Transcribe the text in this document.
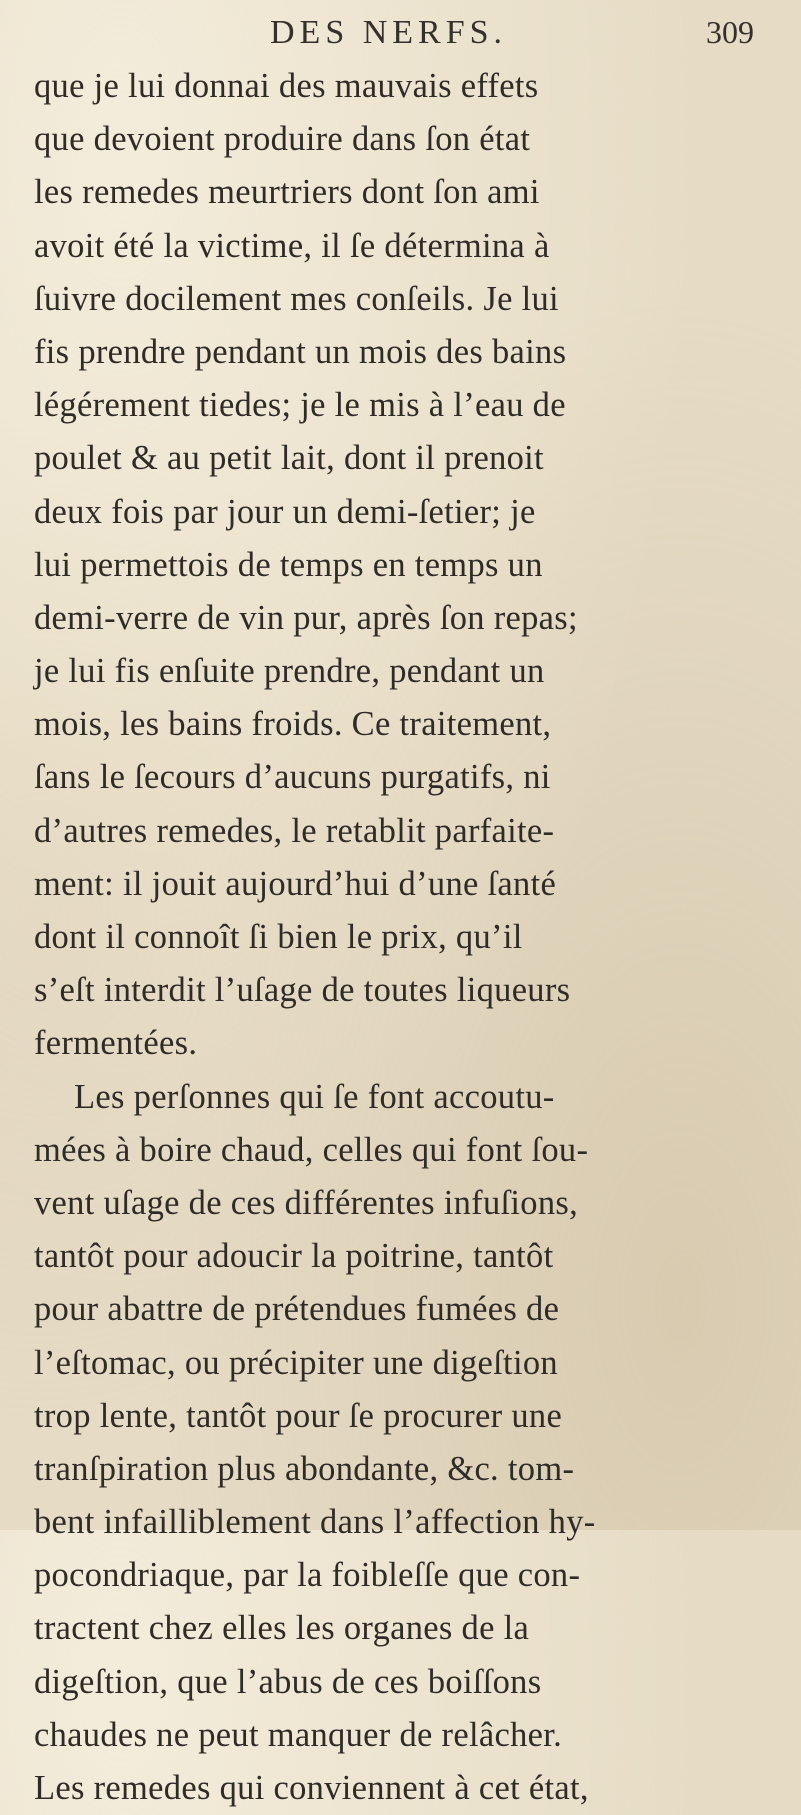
DES NERFS.	309
que je lui donnai des mauvais effets
que devoient produire dans ſon état
les remedes meurtriers dont ſon ami
avoit été la victime, il ſe détermina à
ſuivre docilement mes conſeils. Je lui
fis prendre pendant un mois des bains
légérement tiedes; je le mis à l’eau de
poulet & au petit lait, dont il prenoit
deux fois par jour un demi-ſetier; je
lui permettois de temps en temps un
demi-verre de vin pur, après ſon repas;
je lui fis enſuite prendre, pendant un
mois, les bains froids. Ce traitement,
ſans le ſecours d’aucuns purgatifs, ni
d’autres remedes, le retablit parfaite-
ment: il jouit aujourd’hui d’une ſanté
dont il connoît ſi bien le prix, qu’il
s’eſt interdit l’uſage de toutes liqueurs
fermentées.
Les perſonnes qui ſe font accoutu-
mées à boire chaud, celles qui font ſou-
vent uſage de ces différentes infuſions,
tantôt pour adoucir la poitrine, tantôt
pour abattre de prétendues fumées de
l’eſtomac, ou précipiter une digeſtion
trop lente, tantôt pour ſe procurer une
tranſpiration plus abondante, &c. tom-
bent infailliblement dans l’affection hy-
pocondriaque, par la foibleſſe que con-
tractent chez elles les organes de la
digeſtion, que l’abus de ces boiſſons
chaudes ne peut manquer de relâcher.
Les remedes qui conviennent à cet état,
